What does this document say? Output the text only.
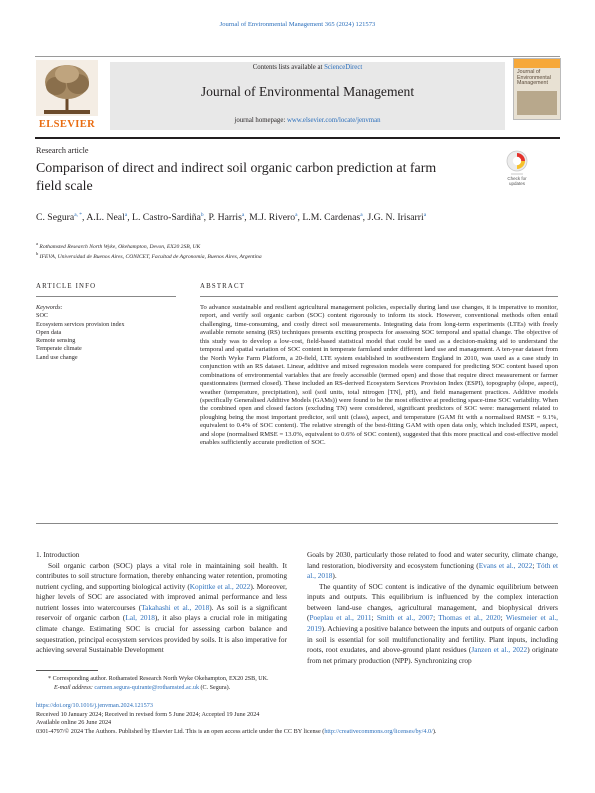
Journal of Environmental Management 365 (2024) 121573
ELSEVIER
Contents lists available at ScienceDirect
Journal of Environmental Management
journal homepage: www.elsevier.com/locate/jenvman
Journal of
Environmental
Management
Research article
Comparison of direct and indirect soil organic carbon prediction at farm
field scale	Check for
updates
C. Segura$^{a, *}$, A.L. Neal$^a$, L. Castro-Sardiña$^b$, P. Harris$^a$, M.J. Rivero$^a$, L.M. Cardenas$^a$, J.G. N. Irisarri$^a$
$^a$ Rothamsted Research North Wyke, Okehampton, Devon, EX20 2SB, UK
$^b$ IFEVA, Universidad de Buenos Aires, CONICET, Facultad de Agronomía, Buenos Aires, Argentina
ARTICLE INFO	ABSTRACT
Keywords:
SOC
Ecosystem services provision index
Open data
Remote sensing
Temperate climate
Land use change
To advance sustainable and resilient agricultural management policies, especially during land use changes, it is imperative to monitor, report, and verify soil organic carbon (SOC) content rigorously to inform its stock. However, conventional methods often entail challenging, time-consuming, and costly direct soil measurements. Integrating data from long-term experiments (LTEs) with freely available remote sensing (RS) techniques presents exciting prospects for assessing SOC temporal and spatial change. The objective of this study was to develop a low-cost, field-based statistical model that could be used as a decision-making aid to understand the temporal and spatial variation of SOC content in temperate farmland under different land use and management. A ten-year dataset from the North Wyke Farm Platform, a 20-field, LTE system established in southwestern England in 2010, was used as a case study in conjunction with an RS dataset. Linear, additive and mixed regression models were compared for predicting SOC content based upon combinations of environmental variables that are freely accessible (termed open) and those that require direct measurement or farmer questionnaires (termed closed). These included an RS-derived Ecosystem Services Provision Index (ESPI), topography (slope, aspect), weather (temperature, precipitation), soil (soil units, total nitrogen [TN], pH), and field management practices. Additive models (specifically Generalised Additive Models (GAMs)) were found to be the most effective at predicting space-time SOC variability. When the combined open and closed factors (excluding TN) were considered, significant predictors of SOC were: management related to ploughing being the most important predictor, soil unit (class), aspect, and temperature (GAM fit with a normalised RMSE = 9.1%, equivalent to 0.4% of SOC content). The relative strength of the best-fitting GAM with open data only, which included ESPI, aspect, and slope (normalised RMSE = 13.0%, equivalent to 0.6% of SOC content), suggested that this more practical and cost-effective model enables sufficiently accurate prediction of SOC.

1. Introduction

Soil organic carbon (SOC) plays a vital role in maintaining soil health. It contributes to soil structure formation, thereby enhancing water retention, promoting nutrient cycling, and supporting biological activity (Kopittke et al., 2022). Moreover, higher levels of SOC are associated with improved animal performance and less nutrient losses into watercourses (Takahashi et al., 2018). As soil is a significant reservoir of organic carbon (Lal, 2018), it also plays a crucial role in mitigating climate change. Estimating SOC is crucial for assessing carbon balance and sequestration, principal ecosystem services provided by soils. It is also imperative for achieving several Sustainable Development

Goals by 2030, particularly those related to food and water security, climate change, land restoration, biodiversity and ecosystem functioning (Evans et al., 2022; Tóth et al., 2018).

The quantity of SOC content is indicative of the dynamic equilibrium between inputs and outputs. This equilibrium is influenced by the complex interaction between land-use changes, agricultural management, and biophysical drivers (Poeplau et al., 2011; Smith et al., 2007; Thomas et al., 2020; Wiesmeier et al., 2019). Achieving a positive balance between the inputs and outputs of organic carbon in soil is essential for soil multifunctionality and fertility. Plant inputs, including roots, root exudates, and above-ground plant residues (Janzen et al., 2022) originate from net primary production (NPP). Synchronizing crop

* Corresponding author. Rothamsted Research North Wyke Okehampton, EX20 2SB, UK.
E-mail address: carmen.segura-quirante@rothamsted.ac.uk (C. Segura).
https://doi.org/10.1016/j.jenvman.2024.121573
Received 10 January 2024; Received in revised form 5 June 2024; Accepted 19 June 2024
Available online 26 June 2024
0301-4797/© 2024 The Authors. Published by Elsevier Ltd. This is an open access article under the CC BY license (http://creativecommons.org/licenses/by/4.0/).
